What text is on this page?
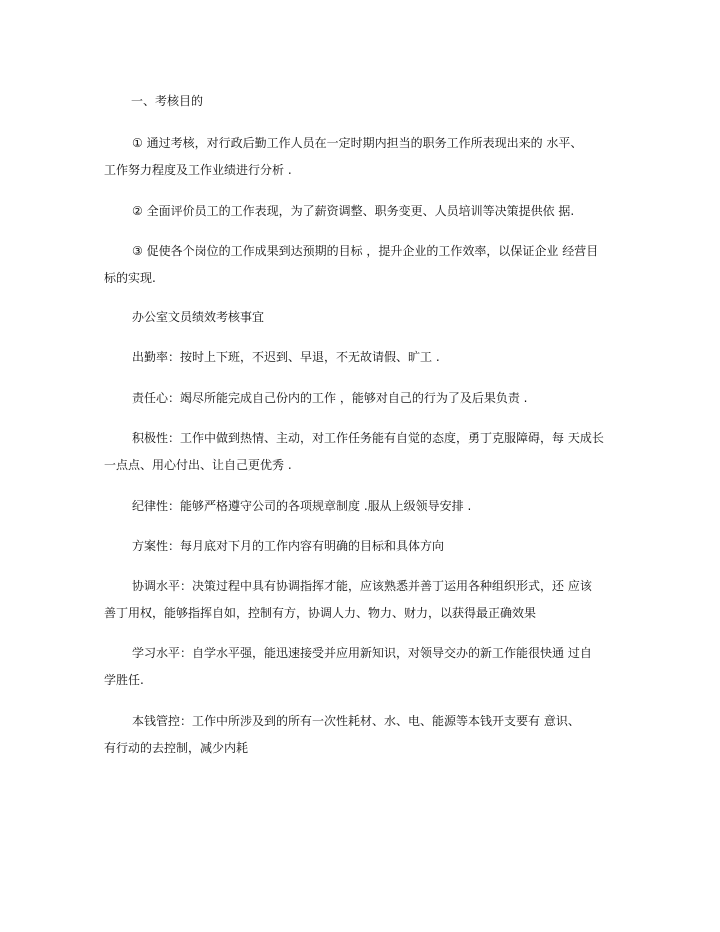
一、考核目的

① 通过考核，对行政后勤工作人员在一定时期内担当的职务工作所表现出来的 水平、
工作努力程度及工作业绩进行分析 .

② 全面评价员工的工作表现，为了薪资调整、职务变更、人员培训等决策提供依 据.

③ 促使各个岗位的工作成果到达预期的目标 ，提升企业的工作效率，以保证企业 经营目
标的实现.

办公室文员绩效考核事宜

出勤率：按时上下班，不迟到、早退，不无故请假、旷工 .

责任心：竭尽所能完成自己份内的工作 ，能够对自己的行为了及后果负责 .

积极性：工作中做到热情、主动，对工作任务能有自觉的态度，勇丁克服障碍，每 天成长
一点点、用心付出、让自己更优秀 .

纪律性：能够严格遵守公司的各项规章制度 .服从上级领导安排 .

方案性：每月底对下月的工作内容有明确的目标和具体方向

协调水平：决策过程中具有协调指挥才能，应该熟悉并善丁运用各种组织形式，还 应该
善丁用权，能够指挥自如，控制有方，协调人力、物力、财力，以获得最正确效果

学习水平：自学水平强，能迅速接受并应用新知识，对领导交办的新工作能很快通 过自
学胜任.

本钱管控：工作中所涉及到的所有一次性耗材、水、电、能源等本钱开支要有 意识、
有行动的去控制，减少内耗
